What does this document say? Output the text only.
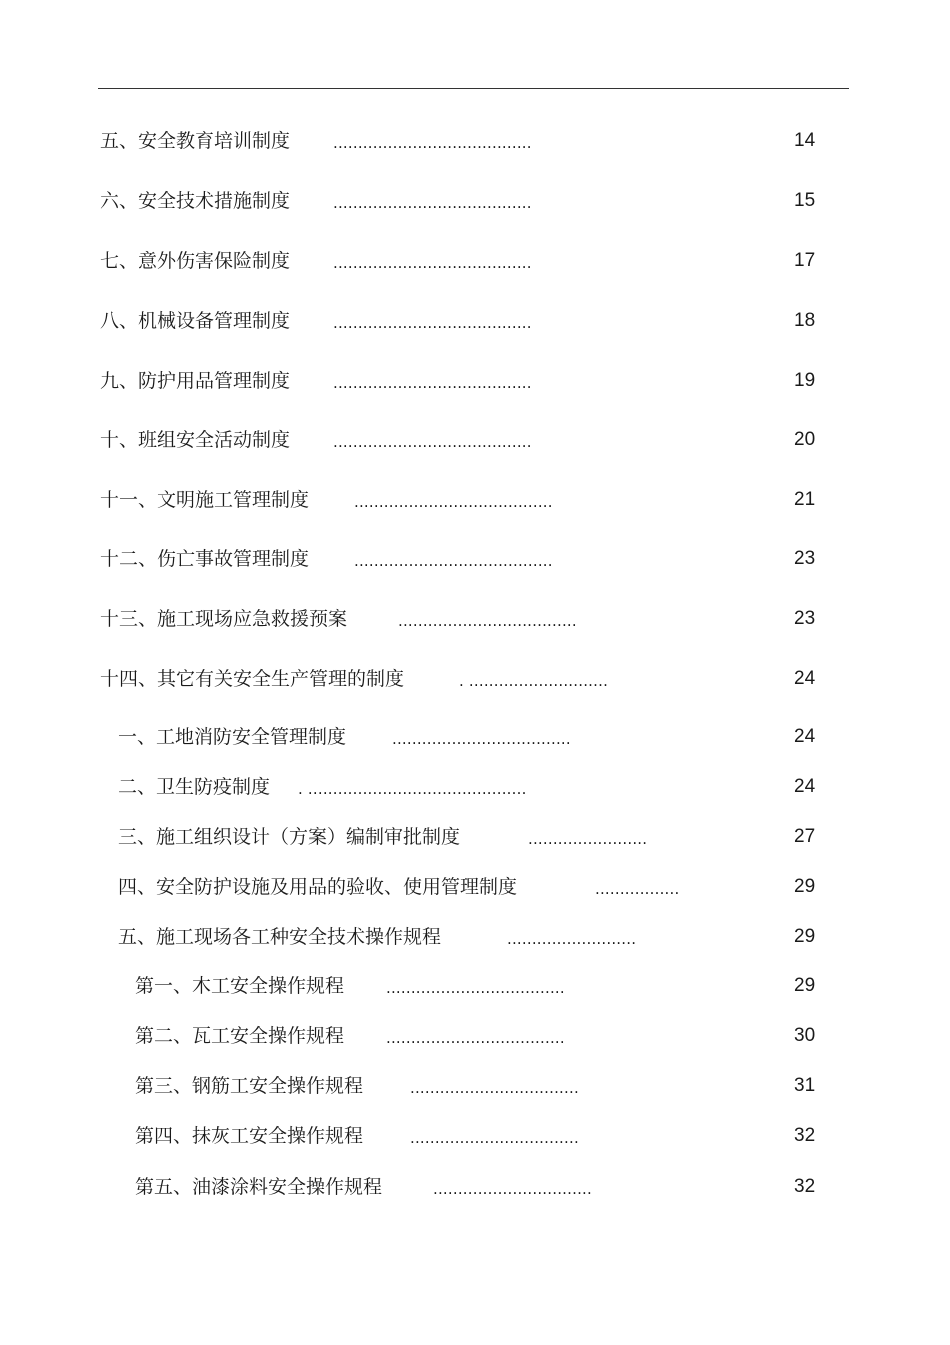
五、安全教育培训制度	........................................	14
六、安全技术措施制度	........................................	15
七、意外伤害保险制度	........................................	17
八、机械设备管理制度	........................................	18
九、防护用品管理制度	........................................	19
十、班组安全活动制度	........................................	20
十一、文明施工管理制度	........................................	21
十二、伤亡事故管理制度	........................................	23
十三、施工现场应急救援预案	....................................	23
十四、其它有关安全生产管理的制度	. ............................	24
一、工地消防安全管理制度	....................................	24
二、卫生防疫制度 . ............................................	24
三、施工组织设计（方案）编制审批制度	........................	27
四、安全防护设施及用品的验收、使用管理制度	.................	29
五、施工现场各工种安全技术操作规程	..........................	29
第一、木工安全操作规程	....................................	29
第二、瓦工安全操作规程	....................................	30
第三、钢筋工安全操作规程	..................................	31
第四、抹灰工安全操作规程	..................................	32
第五、油漆涂料安全操作规程	................................	32
